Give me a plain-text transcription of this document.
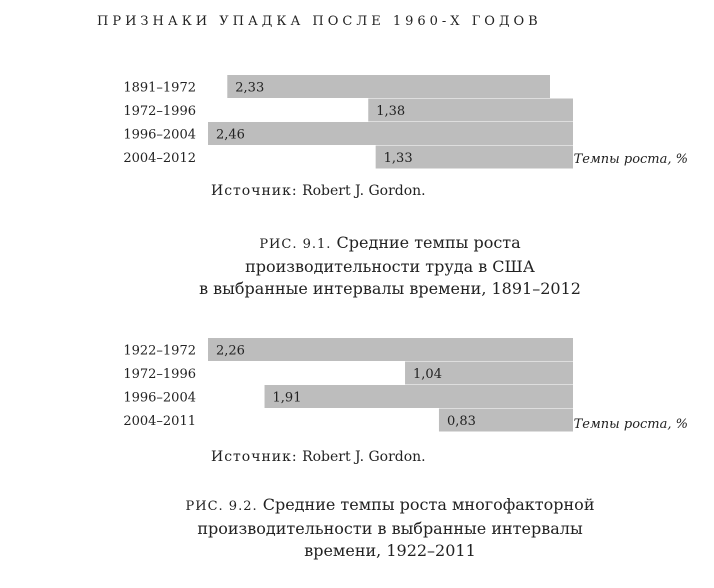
ПРИЗНАКИ УПАДКА ПОСЛЕ 1960-Х ГОДОВ
1891–1972
1972–1996
1996–2004
2004–2012
2,33
1,38
2,46
1,33	Темпы роста, %
1922–1972
1972–1996
1996–2004
2004–2011
2,26
1,04
1,91
0,83	Темпы роста, %
Источник: Robert J. Gordon.
РИС. 9.1. Средние темпы роста
производительности труда в США
в выбранные интервалы времени, 1891–2012
Источник: Robert J. Gordon.
РИС. 9.2. Средние темпы роста многофакторной
производительности в выбранные интервалы
времени, 1922–2011
